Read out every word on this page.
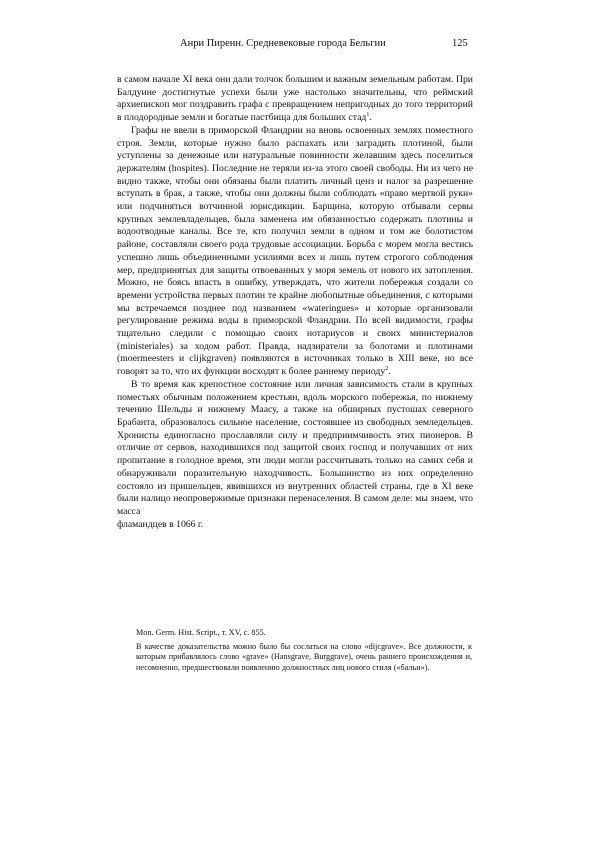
Анри Пиренн. Средневековые города Бельгии	125

в самом начале XI века они дали толчок большим и важным земельным работам. При Балдуине достигнутые успехи были уже настолько значительны, что реймский архиепископ мог поздравить графа с превращением непригодных до того территорий в плодородные земли и богатые пастбища для больших стад$^1$.

Графы не ввели в приморской Фландрии на вновь освоенных землях поместного строя. Земли, которые нужно было распахать или заградить плотиной, были уступлены за денежные или натуральные повинности желавшим здесь поселиться держателям (hospites). Последние не теряли из-за этого своей свободы. Ни из чего не видно также, чтобы они обязаны были платить личный ценз и налог за разрешение вступать в брак, а также, чтобы они должны были соблюдать «право мертвой руки» или подчиняться вотчинной юрисдикции. Барщина, которую отбывали сервы крупных землевладельцев, была заменена им обязанностью содержать плотины и водоотводные каналы. Все те, кто получил земли в одном и том же болотистом районе, составляли своего рода трудовые ассоциации. Борьба с морем могла вестись успешно лишь объединенными усилиями всех и лишь путем строгого соблюдения мер, предпринятых для защиты отвоеванных у моря земель от нового их затопления. Можно, не боясь впасть в ошибку, утверждать, что жители побережья создали со времени устройства первых плотин те крайне любопытные объединения, с которыми мы встречаемся позднее под названием «wateringues» и которые организовали регулирование режима воды в приморской Фландрии. По всей видимости, графы тщательно следили с помощью своих нотариусов и своих министериалов (ministeriales) за ходом работ. Правда, надзиратели за болотами и плотинами (moermeesters и clijkgraven) появляются в источниках только в XIII веке, но все говорят за то, что их функции восходят к более раннему периоду$^2$.

В то время как крепостное состояние или личная зависимость стали в крупных поместьях обычным положением крестьян, вдоль морского побережья, по нижнему течению Шельды и нижнему Маасу, а также на обширных пустошах северного Брабанта, образовалось сильное население, состоявшее из свободных земледельцев. Хронисты единогласно прославляли силу и предприимчивость этих пионеров. В отличие от сервов, находившихся под защитой своих господ и получавших от них пропитание в голодное время, эти люди могли рассчитывать только на самих себя и обнаруживали поразительную находчивость. Большинство из них определенно состояло из пришельцев, явившихся из внутренних областей страны, где в XI веке были налицо неопровержимые признаки перенаселения. В самом деле: мы знаем, что масса

фламандцев в 1066 г.

Mon. Germ. Hist. Script., т. XV, с. 855.

В качестве доказательства можно было бы сослаться на слово «dijcgrave». Все должности, к которым прибавлялось слово «grave» (Hansgrave, Burggrave), очень раннего происхождения и, несомненно, предшествовали появлению должностных лиц нового стиля («бальи»).
